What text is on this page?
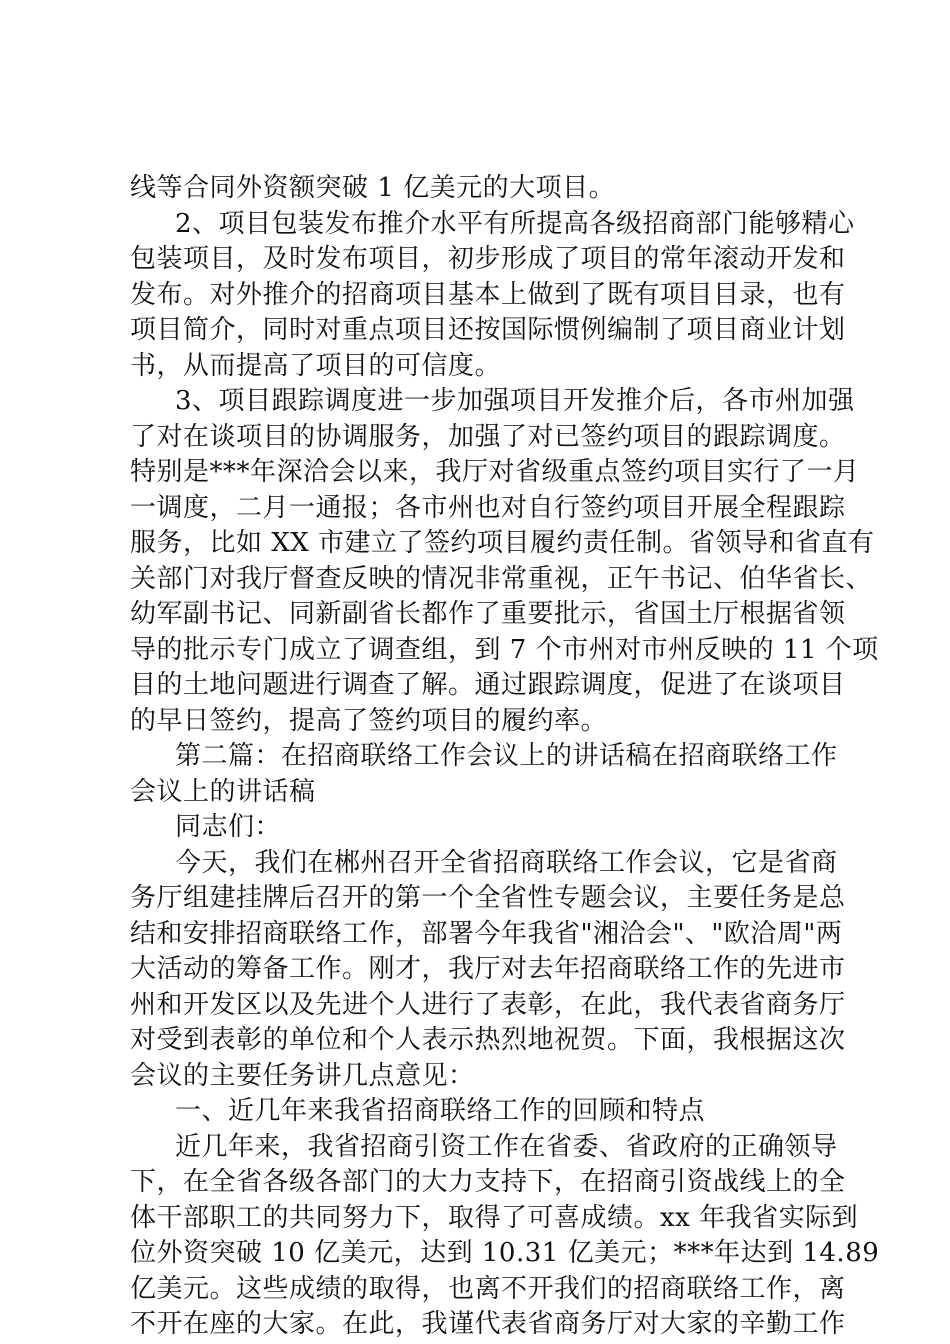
线等合同外资额突破 1 亿美元的大项目。
2、项目包装发布推介水平有所提高各级招商部门能够精心
包装项目，及时发布项目，初步形成了项目的常年滚动开发和
发布。对外推介的招商项目基本上做到了既有项目目录，也有
项目简介，同时对重点项目还按国际惯例编制了项目商业计划
书，从而提高了项目的可信度。
3、项目跟踪调度进一步加强项目开发推介后，各市州加强
了对在谈项目的协调服务，加强了对已签约项目的跟踪调度。
特别是***年深洽会以来，我厅对省级重点签约项目实行了一月
一调度，二月一通报；各市州也对自行签约项目开展全程跟踪
服务，比如 XX 市建立了签约项目履约责任制。省领导和省直有
关部门对我厅督查反映的情况非常重视，正午书记、伯华省长、
幼军副书记、同新副省长都作了重要批示，省国土厅根据省领
导的批示专门成立了调查组，到 7 个市州对市州反映的 11 个项
目的土地问题进行调查了解。通过跟踪调度，促进了在谈项目
的早日签约，提高了签约项目的履约率。
第二篇：在招商联络工作会议上的讲话稿在招商联络工作
会议上的讲话稿
同志们：
今天，我们在郴州召开全省招商联络工作会议，它是省商
务厅组建挂牌后召开的第一个全省性专题会议，主要任务是总
结和安排招商联络工作，部署今年我省"湘洽会"、"欧洽周"两
大活动的筹备工作。刚才，我厅对去年招商联络工作的先进市
州和开发区以及先进个人进行了表彰，在此，我代表省商务厅
对受到表彰的单位和个人表示热烈地祝贺。下面，我根据这次
会议的主要任务讲几点意见：
一、近几年来我省招商联络工作的回顾和特点
近几年来，我省招商引资工作在省委、省政府的正确领导
下，在全省各级各部门的大力支持下，在招商引资战线上的全
体干部职工的共同努力下，取得了可喜成绩。xx 年我省实际到
位外资突破 10 亿美元，达到 10.31 亿美元；***年达到 14.89
亿美元。这些成绩的取得，也离不开我们的招商联络工作，离
不开在座的大家。在此，我谨代表省商务厅对大家的辛勤工作
